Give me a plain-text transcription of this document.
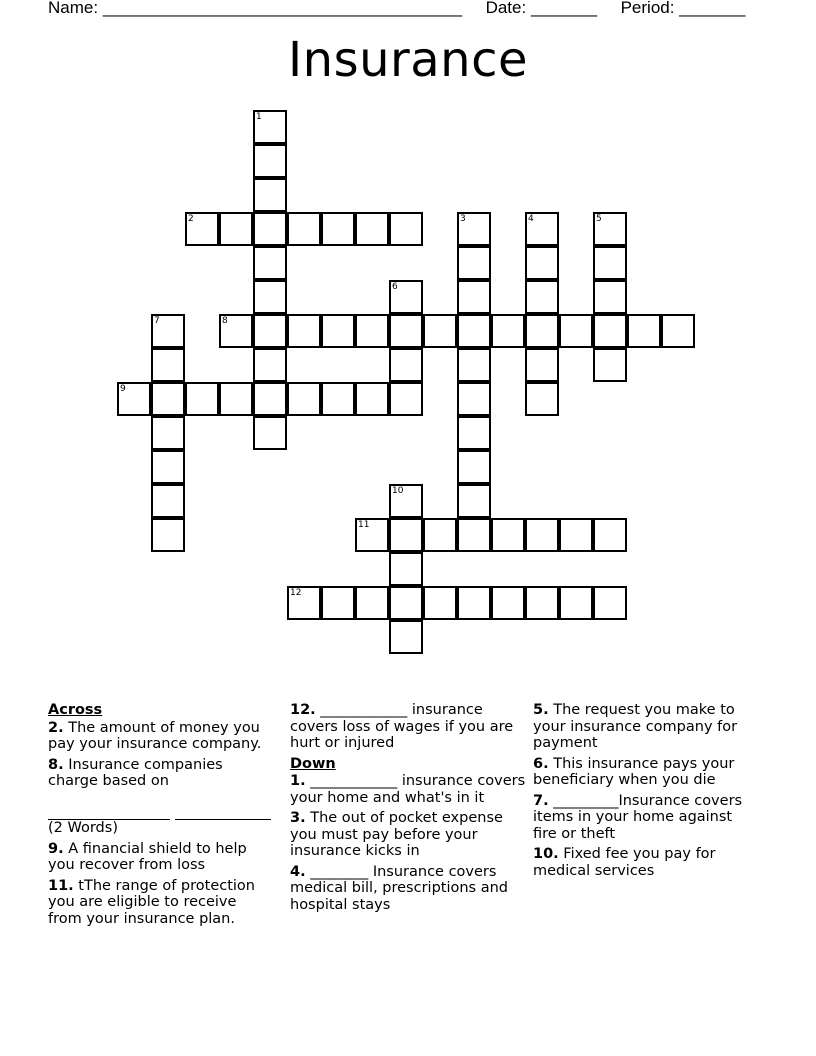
Name: ______________________________________ Date: _______ Period: _______
Insurance
1
2	3	4	5
6
7	8
9
10
11
12
Across
2. The amount of money you pay your insurance company.
8. Insurance companies charge based on

(2 Words)
9. A financial shield to help you recover from loss
11. tThe range of protection you are eligible to receive from your insurance plan.
12. ____________ insurance covers loss of wages if you are hurt or injured
Down
1. ____________ insurance covers your home and what's in it
3. The out of pocket expense you must pay before your insurance kicks in
4. ________ Insurance covers medical bill, prescriptions and hospital stays
5. The request you make to your insurance company for payment
6. This insurance pays your beneficiary when you die
7. _________Insurance covers items in your home against fire or theft
10. Fixed fee you pay for medical services
